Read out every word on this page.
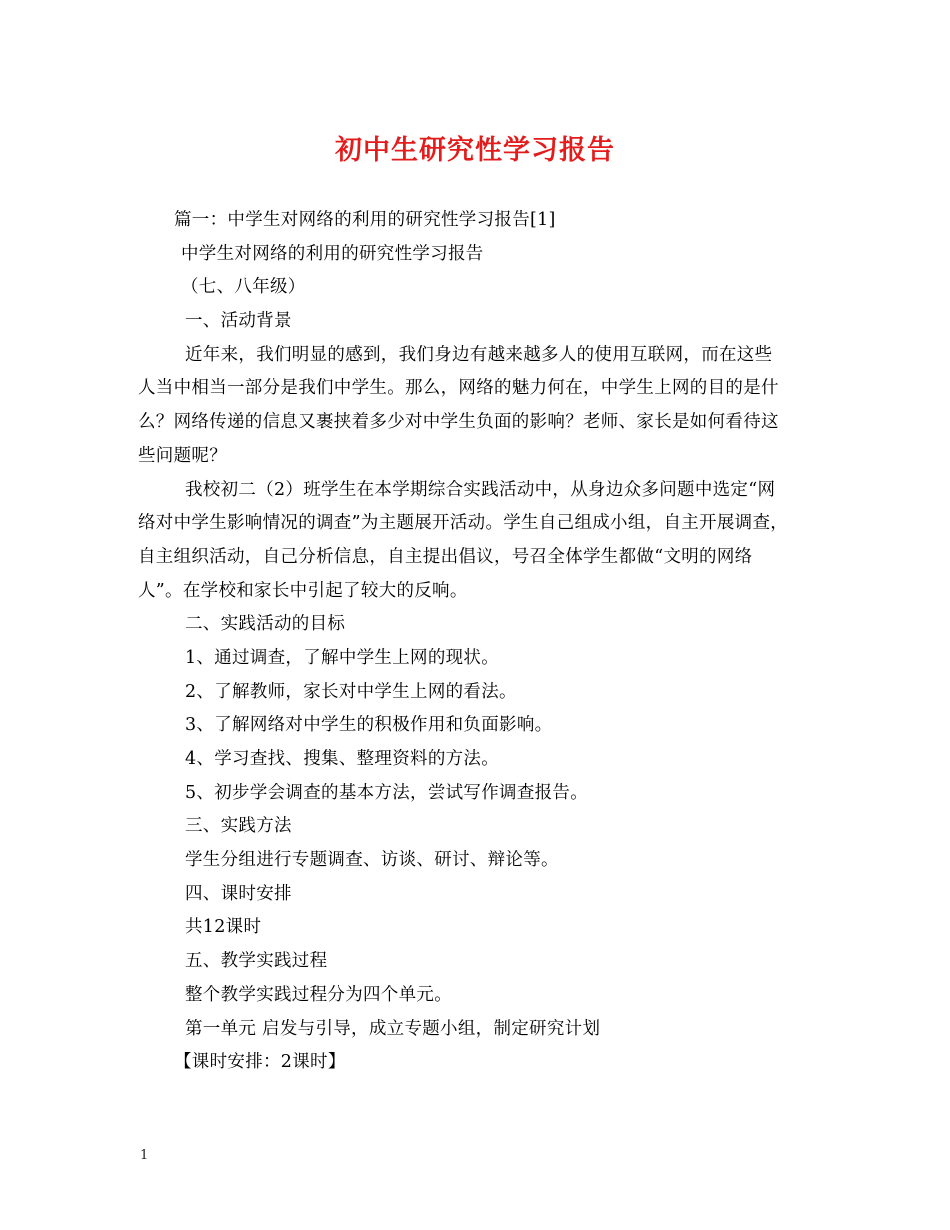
初中生研究性学习报告
篇一：中学生对网络的利用的研究性学习报告[1]
中学生对网络的利用的研究性学习报告
（七、八年级）
一、活动背景
近年来，我们明显的感到，我们身边有越来越多人的使用互联网，而在这些
人当中相当一部分是我们中学生。那么，网络的魅力何在，中学生上网的目的是什
么？网络传递的信息又裹挟着多少对中学生负面的影响？老师、家长是如何看待这
些问题呢？
我校初二（2）班学生在本学期综合实践活动中，从身边众多问题中选定“网
络对中学生影响情况的调查”为主题展开活动。学生自己组成小组，自主开展调查，
自主组织活动，自己分析信息，自主提出倡议，号召全体学生都做“文明的网络
人”。在学校和家长中引起了较大的反响。
二、实践活动的目标
1、通过调查，了解中学生上网的现状。
2、了解教师，家长对中学生上网的看法。
3、了解网络对中学生的积极作用和负面影响。
4、学习查找、搜集、整理资料的方法。
5、初步学会调查的基本方法，尝试写作调查报告。
三、实践方法
学生分组进行专题调查、访谈、研讨、辩论等。
四、课时安排
共12课时
五、教学实践过程
整个教学实践过程分为四个单元。
第一单元 启发与引导，成立专题小组，制定研究计划
【课时安排：2课时】
1
